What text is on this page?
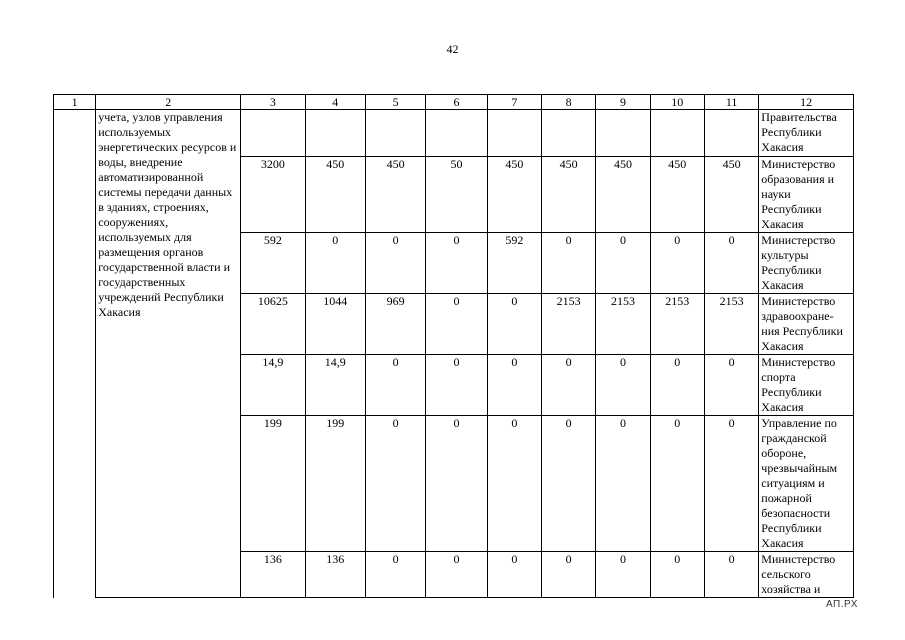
42
1	2	3	4	5	6	7	8	9	10	11	12
	учета, узлов управления используемых энергетических ресурсов и воды, внедрение автоматизированной системы передачи данных в зданиях, строениях, сооружениях, используемых для размещения органов государственной власти и государственных учреждений Республики Хакасия										Правительства Республики Хакасия
		3200	450	450	50	450	450	450	450	450	Министерство образования и науки Республики Хакасия
		592	0	0	0	592	0	0	0	0	Министерство культуры Республики Хакасия
		10625	1044	969	0	0	2153	2153	2153	2153	Министерство здравоохране-ния Республики Хакасия
		14,9	14,9	0	0	0	0	0	0	0	Министерство спорта Республики Хакасия
		199	199	0	0	0	0	0	0	0	Управление по гражданской обороне, чрезвычайным ситуациям и пожарной безопасности Республики Хакасия
		136	136	0	0	0	0	0	0	0	Министерство сельского хозяйства и
АП.РХ
